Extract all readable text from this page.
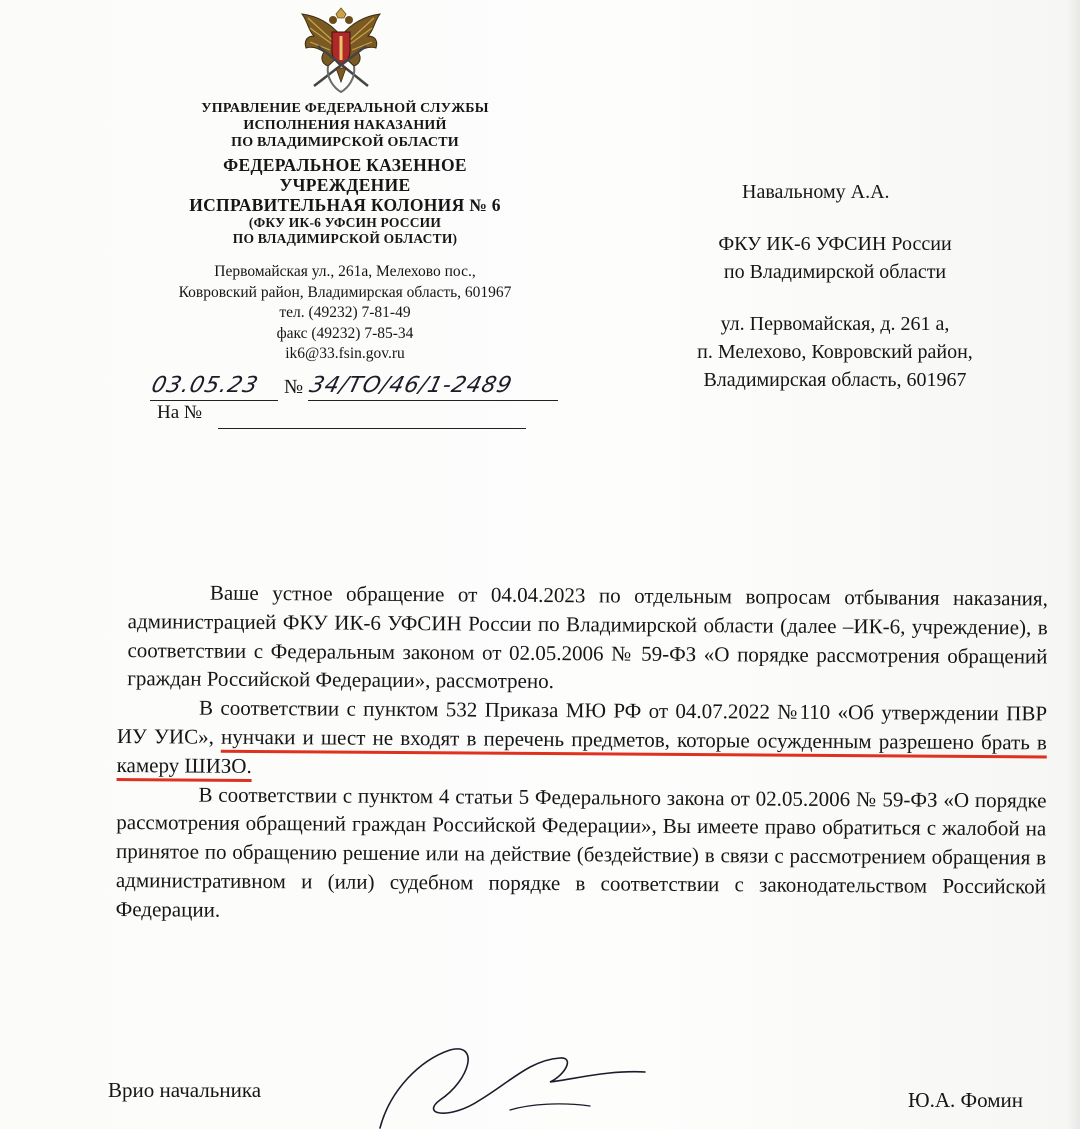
УПРАВЛЕНИЕ ФЕДЕРАЛЬНОЙ СЛУЖБЫ
ИСПОЛНЕНИЯ НАКАЗАНИЙ
ПО ВЛАДИМИРСКОЙ ОБЛАСТИ
ФЕДЕРАЛЬНОЕ КАЗЕННОЕ
УЧРЕЖДЕНИЕ
ИСПРАВИТЕЛЬНАЯ КОЛОНИЯ № 6
(ФКУ ИК-6 УФСИН РОССИИ
ПО ВЛАДИМИРСКОЙ ОБЛАСТИ)
Первомайская ул., 261а, Мелехово пос.,
Ковровский район, Владимирская область, 601967
тел. (49232) 7-81-49
факс (49232) 7-85-34
ik6@33.fsin.gov.ru
03.05.23 № 34/ТО/46/1-2489
На №
Навальному А.А.
ФКУ ИК-6 УФСИН России
по Владимирской области
ул. Первомайская, д. 261 а,
п. Мелехово, Ковровский район,
Владимирская область, 601967

Ваше устное обращение от 04.04.2023 по отдельным вопросам отбывания наказания, администрацией ФКУ ИК-6 УФСИН России по Владимирской области (далее –ИК-6, учреждение), в соответствии с Федеральным законом от 02.05.2006 № 59-ФЗ «О порядке рассмотрения обращений граждан Российской Федерации», рассмотрено.

В соответствии с пунктом 532 Приказа МЮ РФ от 04.07.2022 №110 «Об утверждении ПВР ИУ УИС», нунчаки и шест не входят в перечень предметов, которые осужденным разрешено брать в камеру ШИЗО.

В соответствии с пунктом 4 статьи 5 Федерального закона от 02.05.2006 № 59-ФЗ «О порядке рассмотрения обращений граждан Российской Федерации», Вы имеете право обратиться с жалобой на принятое по обращению решение или на действие (бездействие) в связи с рассмотрением обращения в административном и (или) судебном порядке в соответствии с законодательством Российской Федерации.

Врио начальника	Ю.А. Фомин
